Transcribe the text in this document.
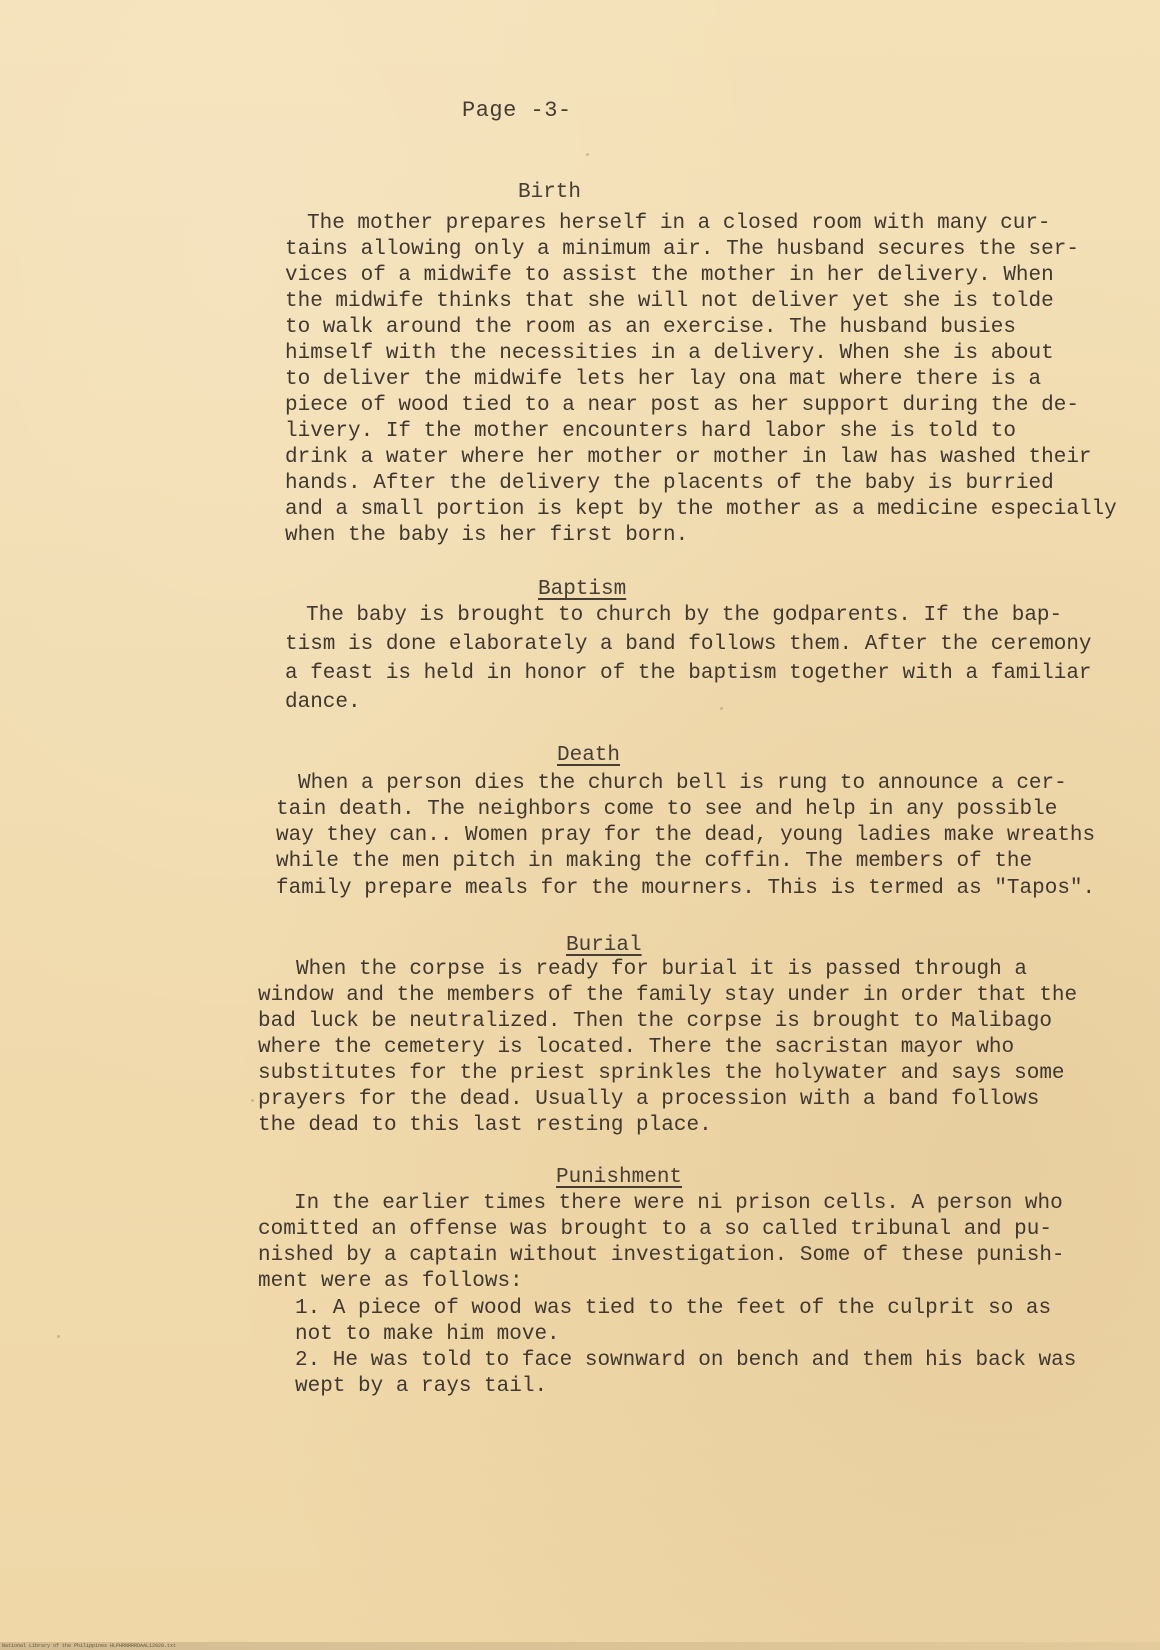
Page -3-
Birth
The mother prepares herself in a closed room with many cur-
tains allowing only a minimum air. The husband secures the ser-
vices of a midwife to assist the mother in her delivery. When
the midwife thinks that she will not deliver yet she is tolde
to walk around the room as an exercise. The husband busies
himself with the necessities in a delivery. When she is about
to deliver the midwife lets her lay ona mat where there is a
piece of wood tied to a near post as her support during the de-
livery. If the mother encounters hard labor she is told to
drink a water where her mother or mother in law has washed their
hands. After the delivery the placents of the baby is burried
and a small portion is kept by the mother as a medicine especially
when the baby is her first born.
Baptism
The baby is brought to church by the godparents. If the bap-
tism is done elaborately a band follows them. After the ceremony
a feast is held in honor of the baptism together with a familiar
dance.
Death
When a person dies the church bell is rung to announce a cer-
tain death. The neighbors come to see and help in any possible
way they can.. Women pray for the dead, young ladies make wreaths
while the men pitch in making the coffin. The members of the
family prepare meals for the mourners. This is termed as "Tapos".
Burial
When the corpse is ready for burial it is passed through a
window and the members of the family stay under in order that the
bad luck be neutralized. Then the corpse is brought to Malibago
where the cemetery is located. There the sacristan mayor who
substitutes for the priest sprinkles the holywater and says some
prayers for the dead. Usually a procession with a band follows
the dead to this last resting place.
Punishment
In the earlier times there were ni prison cells. A person who
comitted an offense was brought to a so called tribunal and pu-
nished by a captain without investigation. Some of these punish-
ment were as follows:
1. A piece of wood was tied to the feet of the culprit so as
not to make him move.
2. He was told to face sownward on bench and them his back was
wept by a rays tail.
National Library of the Philippines HLPHRNRRRDAAL12020.txt
